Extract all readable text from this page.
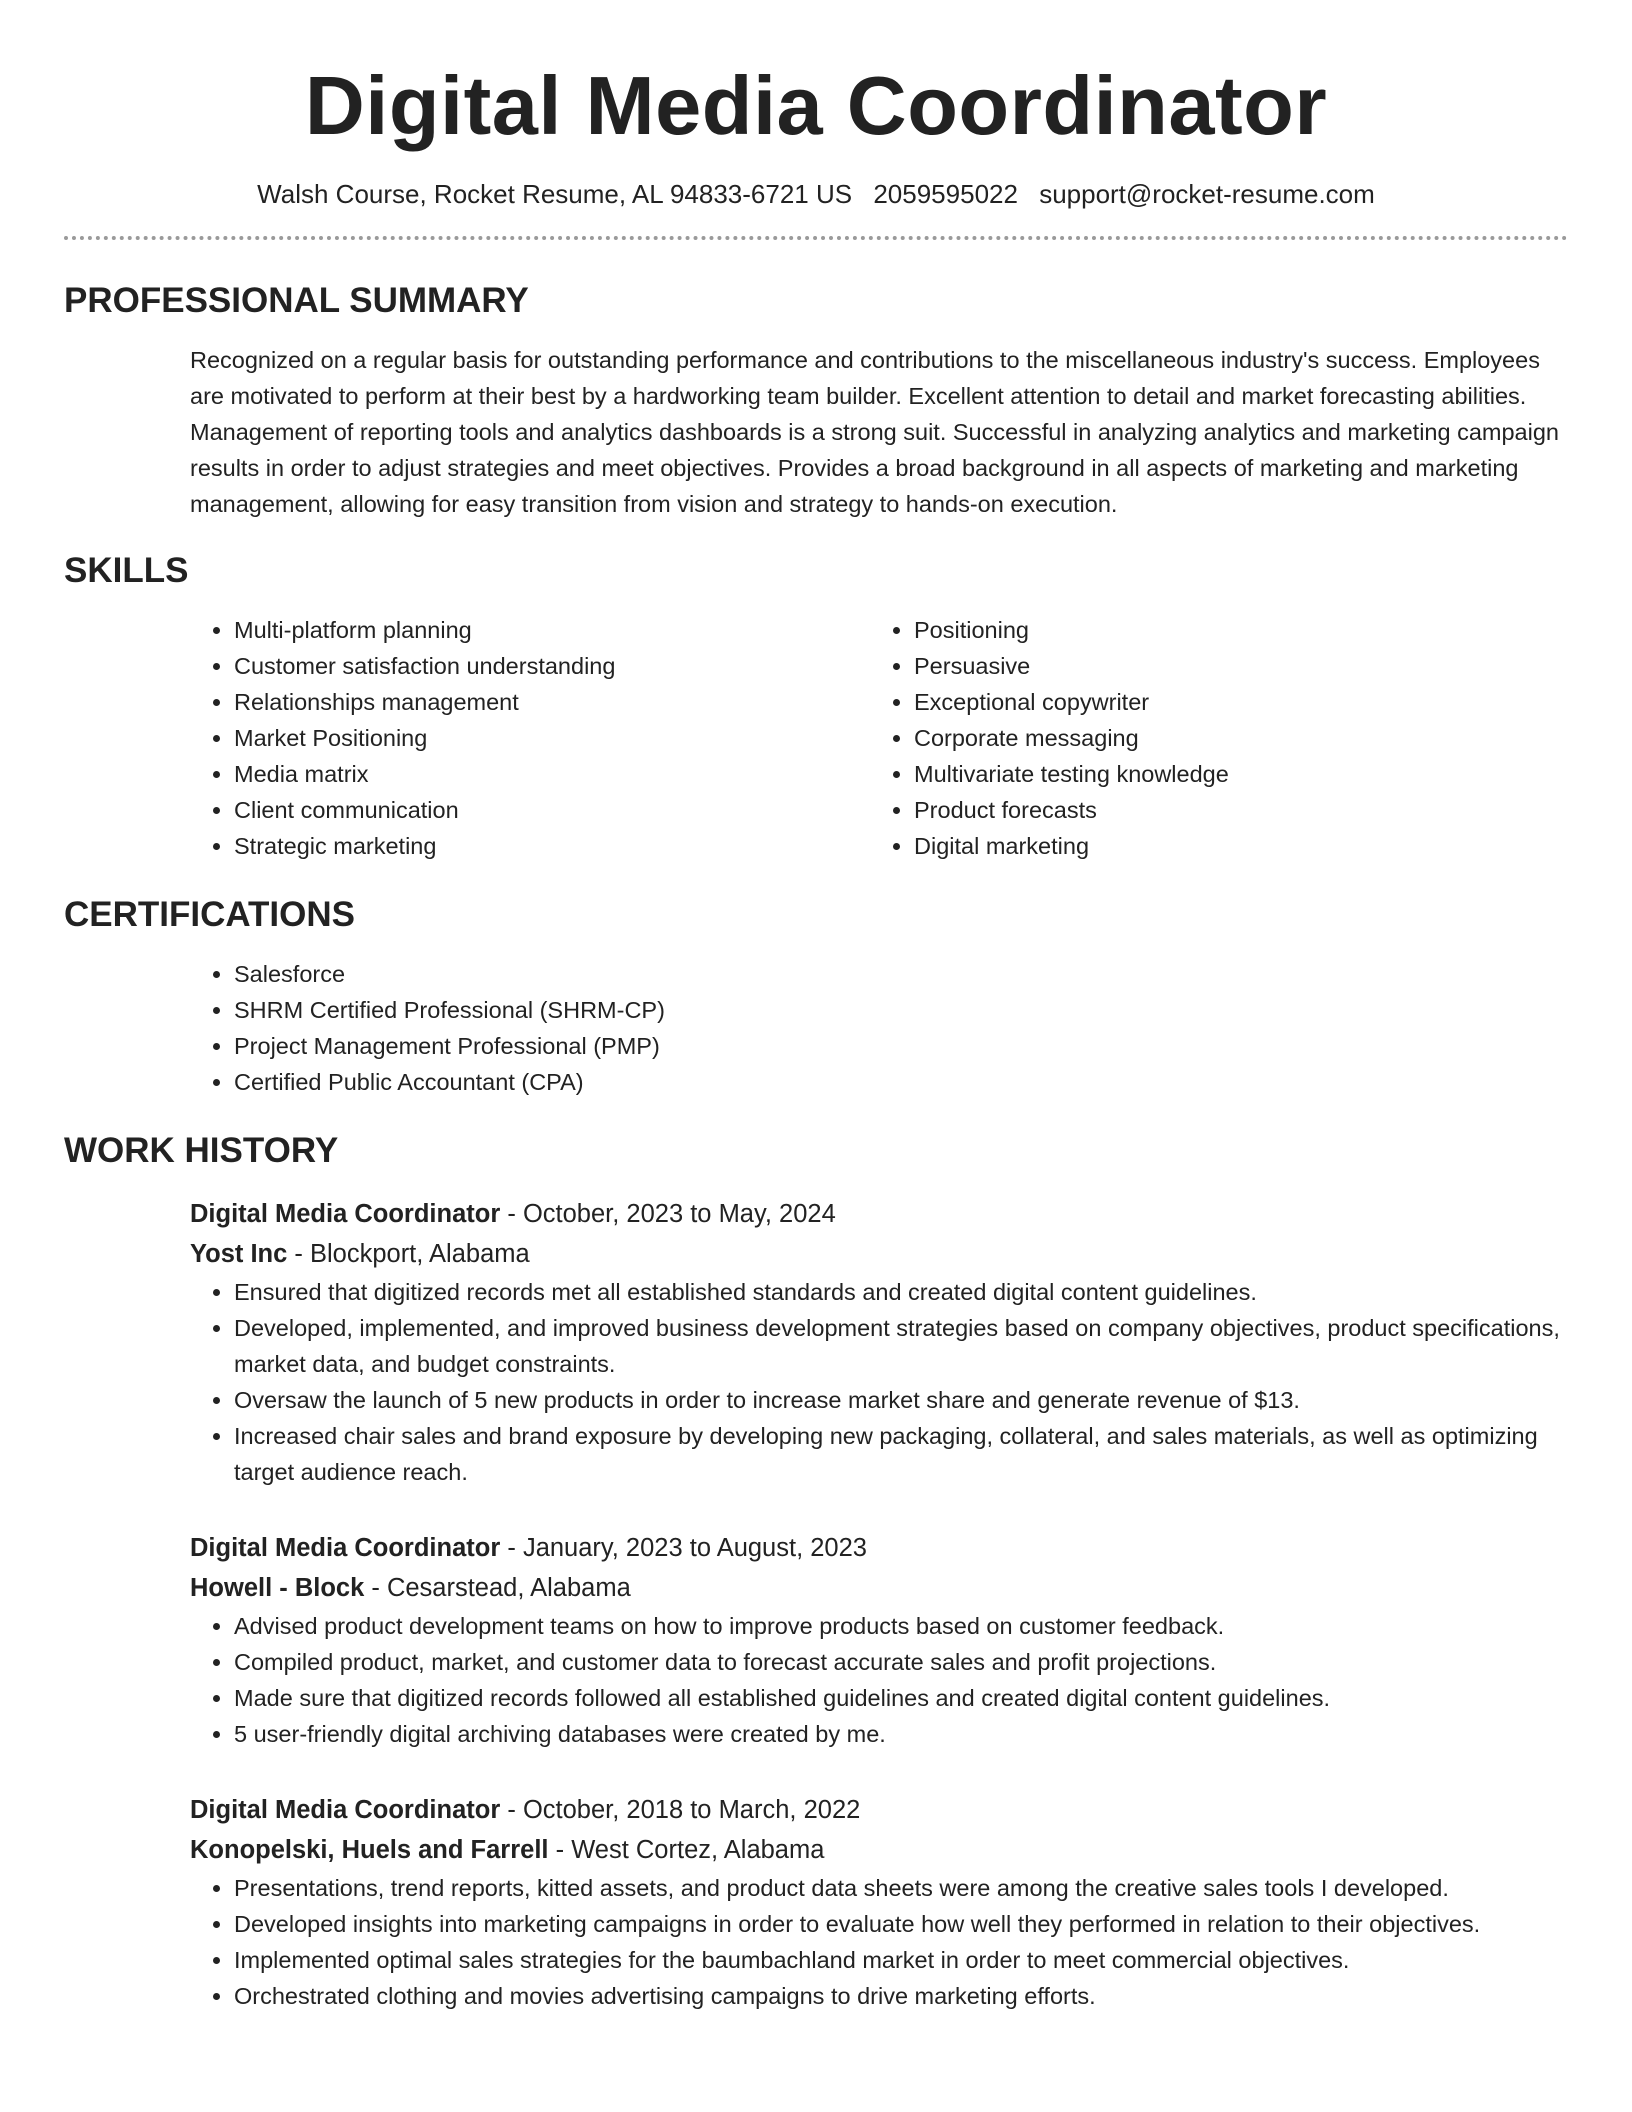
Digital Media Coordinator
Walsh Course, Rocket Resume, AL 94833-6721 US 2059595022 support@rocket-resume.com
PROFESSIONAL SUMMARY
Recognized on a regular basis for outstanding performance and contributions to the miscellaneous industry's success. Employees are motivated to perform at their best by a hardworking team builder. Excellent attention to detail and market forecasting abilities. Management of reporting tools and analytics dashboards is a strong suit. Successful in analyzing analytics and marketing campaign results in order to adjust strategies and meet objectives. Provides a broad background in all aspects of marketing and marketing management, allowing for easy transition from vision and strategy to hands-on execution.
SKILLS
• Multi-platform planning
• Customer satisfaction understanding
• Relationships management
• Market Positioning
• Media matrix
• Client communication
• Strategic marketing
• Positioning
• Persuasive
• Exceptional copywriter
• Corporate messaging
• Multivariate testing knowledge
• Product forecasts
• Digital marketing
CERTIFICATIONS
• Salesforce
• SHRM Certified Professional (SHRM-CP)
• Project Management Professional (PMP)
• Certified Public Accountant (CPA)
WORK HISTORY
Digital Media Coordinator - October, 2023 to May, 2024
Yost Inc - Blockport, Alabama
• Ensured that digitized records met all established standards and created digital content guidelines.
• Developed, implemented, and improved business development strategies based on company objectives, product specifications, market data, and budget constraints.
• Oversaw the launch of 5 new products in order to increase market share and generate revenue of $13.
• Increased chair sales and brand exposure by developing new packaging, collateral, and sales materials, as well as optimizing target audience reach.
Digital Media Coordinator - January, 2023 to August, 2023
Howell - Block - Cesarstead, Alabama
• Advised product development teams on how to improve products based on customer feedback.
• Compiled product, market, and customer data to forecast accurate sales and profit projections.
• Made sure that digitized records followed all established guidelines and created digital content guidelines.
• 5 user-friendly digital archiving databases were created by me.
Digital Media Coordinator - October, 2018 to March, 2022
Konopelski, Huels and Farrell - West Cortez, Alabama
• Presentations, trend reports, kitted assets, and product data sheets were among the creative sales tools I developed.
• Developed insights into marketing campaigns in order to evaluate how well they performed in relation to their objectives.
• Implemented optimal sales strategies for the baumbachland market in order to meet commercial objectives.
• Orchestrated clothing and movies advertising campaigns to drive marketing efforts.
